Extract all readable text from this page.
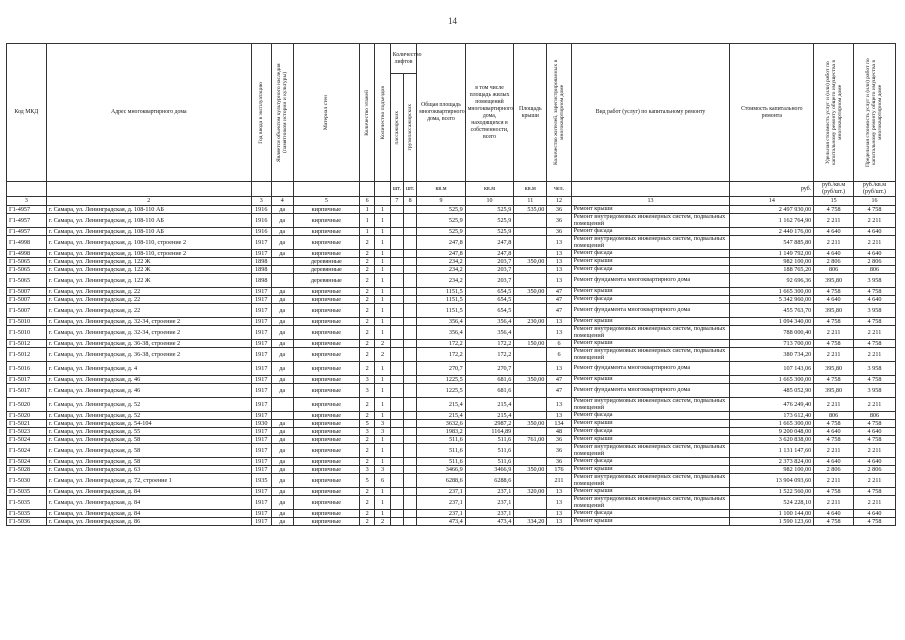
14
Код МКД	Адрес многоквартирного дома	Год ввода в эксплуатацию	Является объектом культурного наследия (памятником истории и культуры)	Материал стен	Количество этажей	Количество подъездов	Количество лифтов		Общая площадь многоквартирного дома, всего	в том числе площадь жилых помещений многоквартирного дома, находящихся в собственности, всего	Площадь крыши	Количество жителей, зарегистрированных в многоквартирном доме	Вид работ (услуг) по капитальному ремонту	Стоимость капитального ремонта	Удельная стоимость услуг и (или) работ по капитальному ремонту общего имущества в многоквартирном доме	Предельная стоимость услуг и (или) работ по капитальному ремонту общего имущества в многоквартирном доме

							пассажирских	грузопассажирских								

							шт.	шт.	кв.м	кв.м	кв.м	чел.		руб.	руб./кв.м (руб/шт.)	руб./кв.м (руб/шт.)
3	2	3	4	5	6		7	8	9	10	11	12	13	14	15	16
Г1-4957	г. Самара, ул. Ленинградская, д. 108-110 АБ	1916	да	кирпичные	1	1			525,9	525,9	535,00	36	Ремонт крыши	2 497 930,00	4 758	4 758
Г1-4957	г. Самара, ул. Ленинградская, д. 108-110 АБ	1916	да	кирпичные	1	1			525,9	525,9		36	Ремонт внутридомовых инженерных систем, подвальных помещений	1 162 764,90	2 211	2 211
Г1-4957	г. Самара, ул. Ленинградская, д. 108-110 АБ	1916	да	кирпичные	1	1			525,9	525,9		36	Ремонт фасада	2 440 176,00	4 640	4 640
Г1-4998	г. Самара, ул. Ленинградская, д. 108-110, строение 2	1917	да	кирпичные	2	1			247,8	247,8		13	Ремонт внутридомовых инженерных систем, подвальных помещений	547 885,80	2 211	2 211
Г1-4998	г. Самара, ул. Ленинградская, д. 108-110, строение 2	1917	да	кирпичные	2	1			247,8	247,8		13	Ремонт фасада	1 149 792,00	4 640	4 640
Г1-5065	г. Самара, ул. Ленинградская, д. 122 Ж	1898		деревянные	2	1			234,2	203,7	350,00	13	Ремонт крыши	982 100,00	2 806	2 806
Г1-5065	г. Самара, ул. Ленинградская, д. 122 Ж	1898		деревянные	2	1			234,2	203,7		13	Ремонт фасада	188 765,20	806	806
Г1-5065	г. Самара, ул. Ленинградская, д. 122 Ж	1898		деревянные	2	1			234,2	203,7		13	Ремонт фундамента многоквартирного дома	92 696,36	395,80	3 958
Г1-5007	г. Самара, ул. Ленинградская, д. 22	1917	да	кирпичные	2	1			1151,5	654,5	350,00	47	Ремонт крыши	1 665 300,00	4 758	4 758
Г1-5007	г. Самара, ул. Ленинградская, д. 22	1917	да	кирпичные	2	1			1151,5	654,5		47	Ремонт фасада	5 342 960,00	4 640	4 640
Г1-5007	г. Самара, ул. Ленинградская, д. 22	1917	да	кирпичные	2	1			1151,5	654,5		47	Ремонт фундамента многоквартирного дома	455 763,70	395,80	3 958
Г1-5010	г. Самара, ул. Ленинградская, д. 32-34, строение 2	1917	да	кирпичные	2	1			356,4	356,4	230,00	13	Ремонт крыши	1 094 340,00	4 758	4 758
Г1-5010	г. Самара, ул. Ленинградская, д. 32-34, строение 2	1917	да	кирпичные	2	1			356,4	356,4		13	Ремонт внутридомовых инженерных систем, подвальных помещений	788 000,40	2 211	2 211
Г1-5012	г. Самара, ул. Ленинградская, д. 36-38, строение 2	1917	да	кирпичные	2	2			172,2	172,2	150,00	6	Ремонт крыши	713 700,00	4 758	4 758
Г1-5012	г. Самара, ул. Ленинградская, д. 36-38, строение 2	1917	да	кирпичные	2	2			172,2	172,2		6	Ремонт внутридомовых инженерных систем, подвальных помещений	380 734,20	2 211	2 211
Г1-5016	г. Самара, ул. Ленинградская, д. 4	1917	да	кирпичные	2	1			270,7	270,7		13	Ремонт фундамента многоквартирного дома	107 143,06	395,80	3 958
Г1-5017	г. Самара, ул. Ленинградская, д. 46	1917	да	кирпичные	3	1			1225,5	681,6	350,00	47	Ремонт крыши	1 665 300,00	4 758	4 758
Г1-5017	г. Самара, ул. Ленинградская, д. 46	1917	да	кирпичные	3	1			1225,5	681,6		47	Ремонт фундамента многоквартирного дома	485 052,90	395,80	3 958
Г1-5020	г. Самара, ул. Ленинградская, д. 52	1917		кирпичные	2	1			215,4	215,4		13	Ремонт внутридомовых инженерных систем, подвальных помещений	476 249,40	2 211	2 211
Г1-5020	г. Самара, ул. Ленинградская, д. 52	1917		кирпичные	2	1			215,4	215,4		13	Ремонт фасада	173 612,40	806	806
Г1-5021	г. Самара, ул. Ленинградская, д. 54-104	1930	да	кирпичные	5	3			3632,6	2987,2	350,00	134	Ремонт крыши	1 665 300,00	4 758	4 758
Г1-5023	г. Самара, ул. Ленинградская, д. 55	1917	да	кирпичные	3	3			1983,2	1164,89		48	Ремонт фасада	9 200 048,00	4 640	4 640
Г1-5024	г. Самара, ул. Ленинградская, д. 58	1917	да	кирпичные	2	1			511,6	511,6	761,00	36	Ремонт крыши	3 620 838,00	4 758	4 758
Г1-5024	г. Самара, ул. Ленинградская, д. 58	1917	да	кирпичные	2	1			511,6	511,6		36	Ремонт внутридомовых инженерных систем, подвальных помещений	1 131 147,60	2 211	2 211
Г1-5024	г. Самара, ул. Ленинградская, д. 58	1917	да	кирпичные	2	1			511,6	511,6		36	Ремонт фасада	2 373 824,00	4 640	4 640
Г1-5028	г. Самара, ул. Ленинградская, д. 63	1917	да	кирпичные	3	3			3466,9	3466,9	350,00	176	Ремонт крыши	982 100,00	2 806	2 806
Г1-5030	г. Самара, ул. Ленинградская, д. 72, строение 1	1935	да	кирпичные	5	6			6288,6	6288,6		211	Ремонт внутридомовых инженерных систем, подвальных помещений	13 904 093,60	2 211	2 211
Г1-5035	г. Самара, ул. Ленинградская, д. 84	1917	да	кирпичные	2	1			237,1	237,1	320,00	13	Ремонт крыши	1 522 560,00	4 758	4 758
Г1-5035	г. Самара, ул. Ленинградская, д. 84	1917	да	кирпичные	2	1			237,1	237,1		13	Ремонт внутридомовых инженерных систем, подвальных помещений	524 228,10	2 211	2 211
Г1-5035	г. Самара, ул. Ленинградская, д. 84	1917	да	кирпичные	2	1			237,1	237,1		13	Ремонт фасада	1 100 144,00	4 640	4 640
Г1-5036	г. Самара, ул. Ленинградская, д. 86	1917	да	кирпичные	2	2			473,4	473,4	334,20	13	Ремонт крыши	1 590 123,60	4 758	4 758
